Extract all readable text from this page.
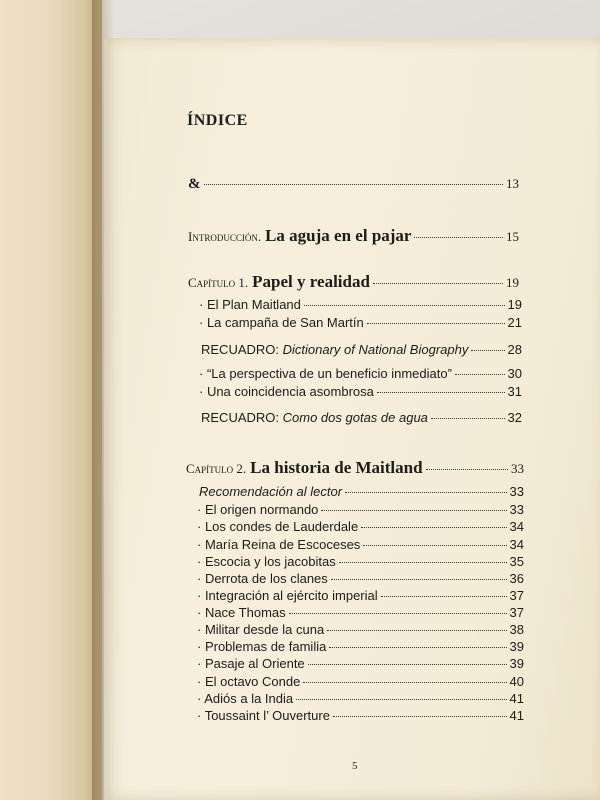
ÍNDICE
&	13
Introducción. La aguja en el pajar	15
Capítulo 1. Papel y realidad	19
· El Plan Maitland	19
· La campaña de San Martín	21
RECUADRO: Dictionary of National Biography	28
· “La perspectiva de un beneficio inmediato”	30
· Una coincidencia asombrosa	31
RECUADRO: Como dos gotas de agua	32
Capítulo 2. La historia de Maitland	33
Recomendación al lector	33
· El origen normando	33
· Los condes de Lauderdale	34
· María Reina de Escoceses	34
· Escocia y los jacobitas	35
· Derrota de los clanes	36
· Integración al ejército imperial	37
· Nace Thomas	37
· Militar desde la cuna	38
· Problemas de familia	39
· Pasaje al Oriente	39
· El octavo Conde	40
· Adiós a la India	41
· Toussaint l’ Ouverture	41
5
